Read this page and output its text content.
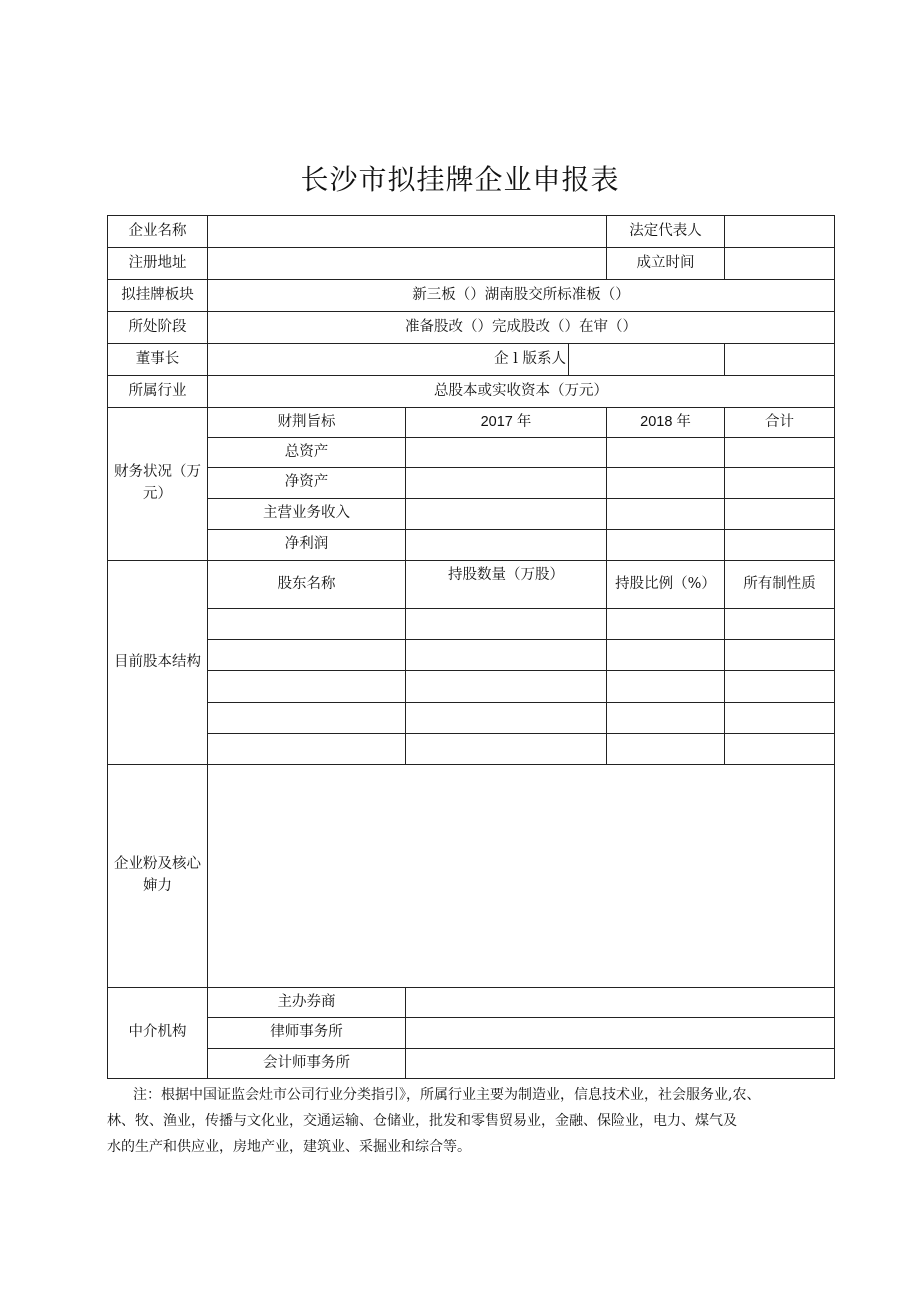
长沙市拟挂牌企业申报表
企业名称				法定代表人	
注册地址				成立时间	
拟挂牌板块	新三板（）湖南股交所标准板（）				
所处阶段	准备股改（）完成股改（）在审（）				
董事长	企 l 版系人				
所属行业	总股本或实收资本（万元）				
财务状况（万
元）	财荆旨标	2017 年		2018 年	合计
	总资产				
	净资产				
	主营业务收入				
	净利润				
目前股本结构	股东名称	持股数量（万股）		持股比例（%）	所有制性质

企业粉及核心
婶力					
中介机构	主办券商				
	律师事务所				
	会计师事务所				
注：根据中国证监会灶市公司行业分类指引》，所属行业主要为制造业，信息技术业，社会服务业,农、
林、牧、渔业，传播与文化业，交通运输、仓储业，批发和零售贸易业，金融、保险业，电力、煤气及
水的生产和供应业，房地产业，建筑业、采掘业和综合等。
